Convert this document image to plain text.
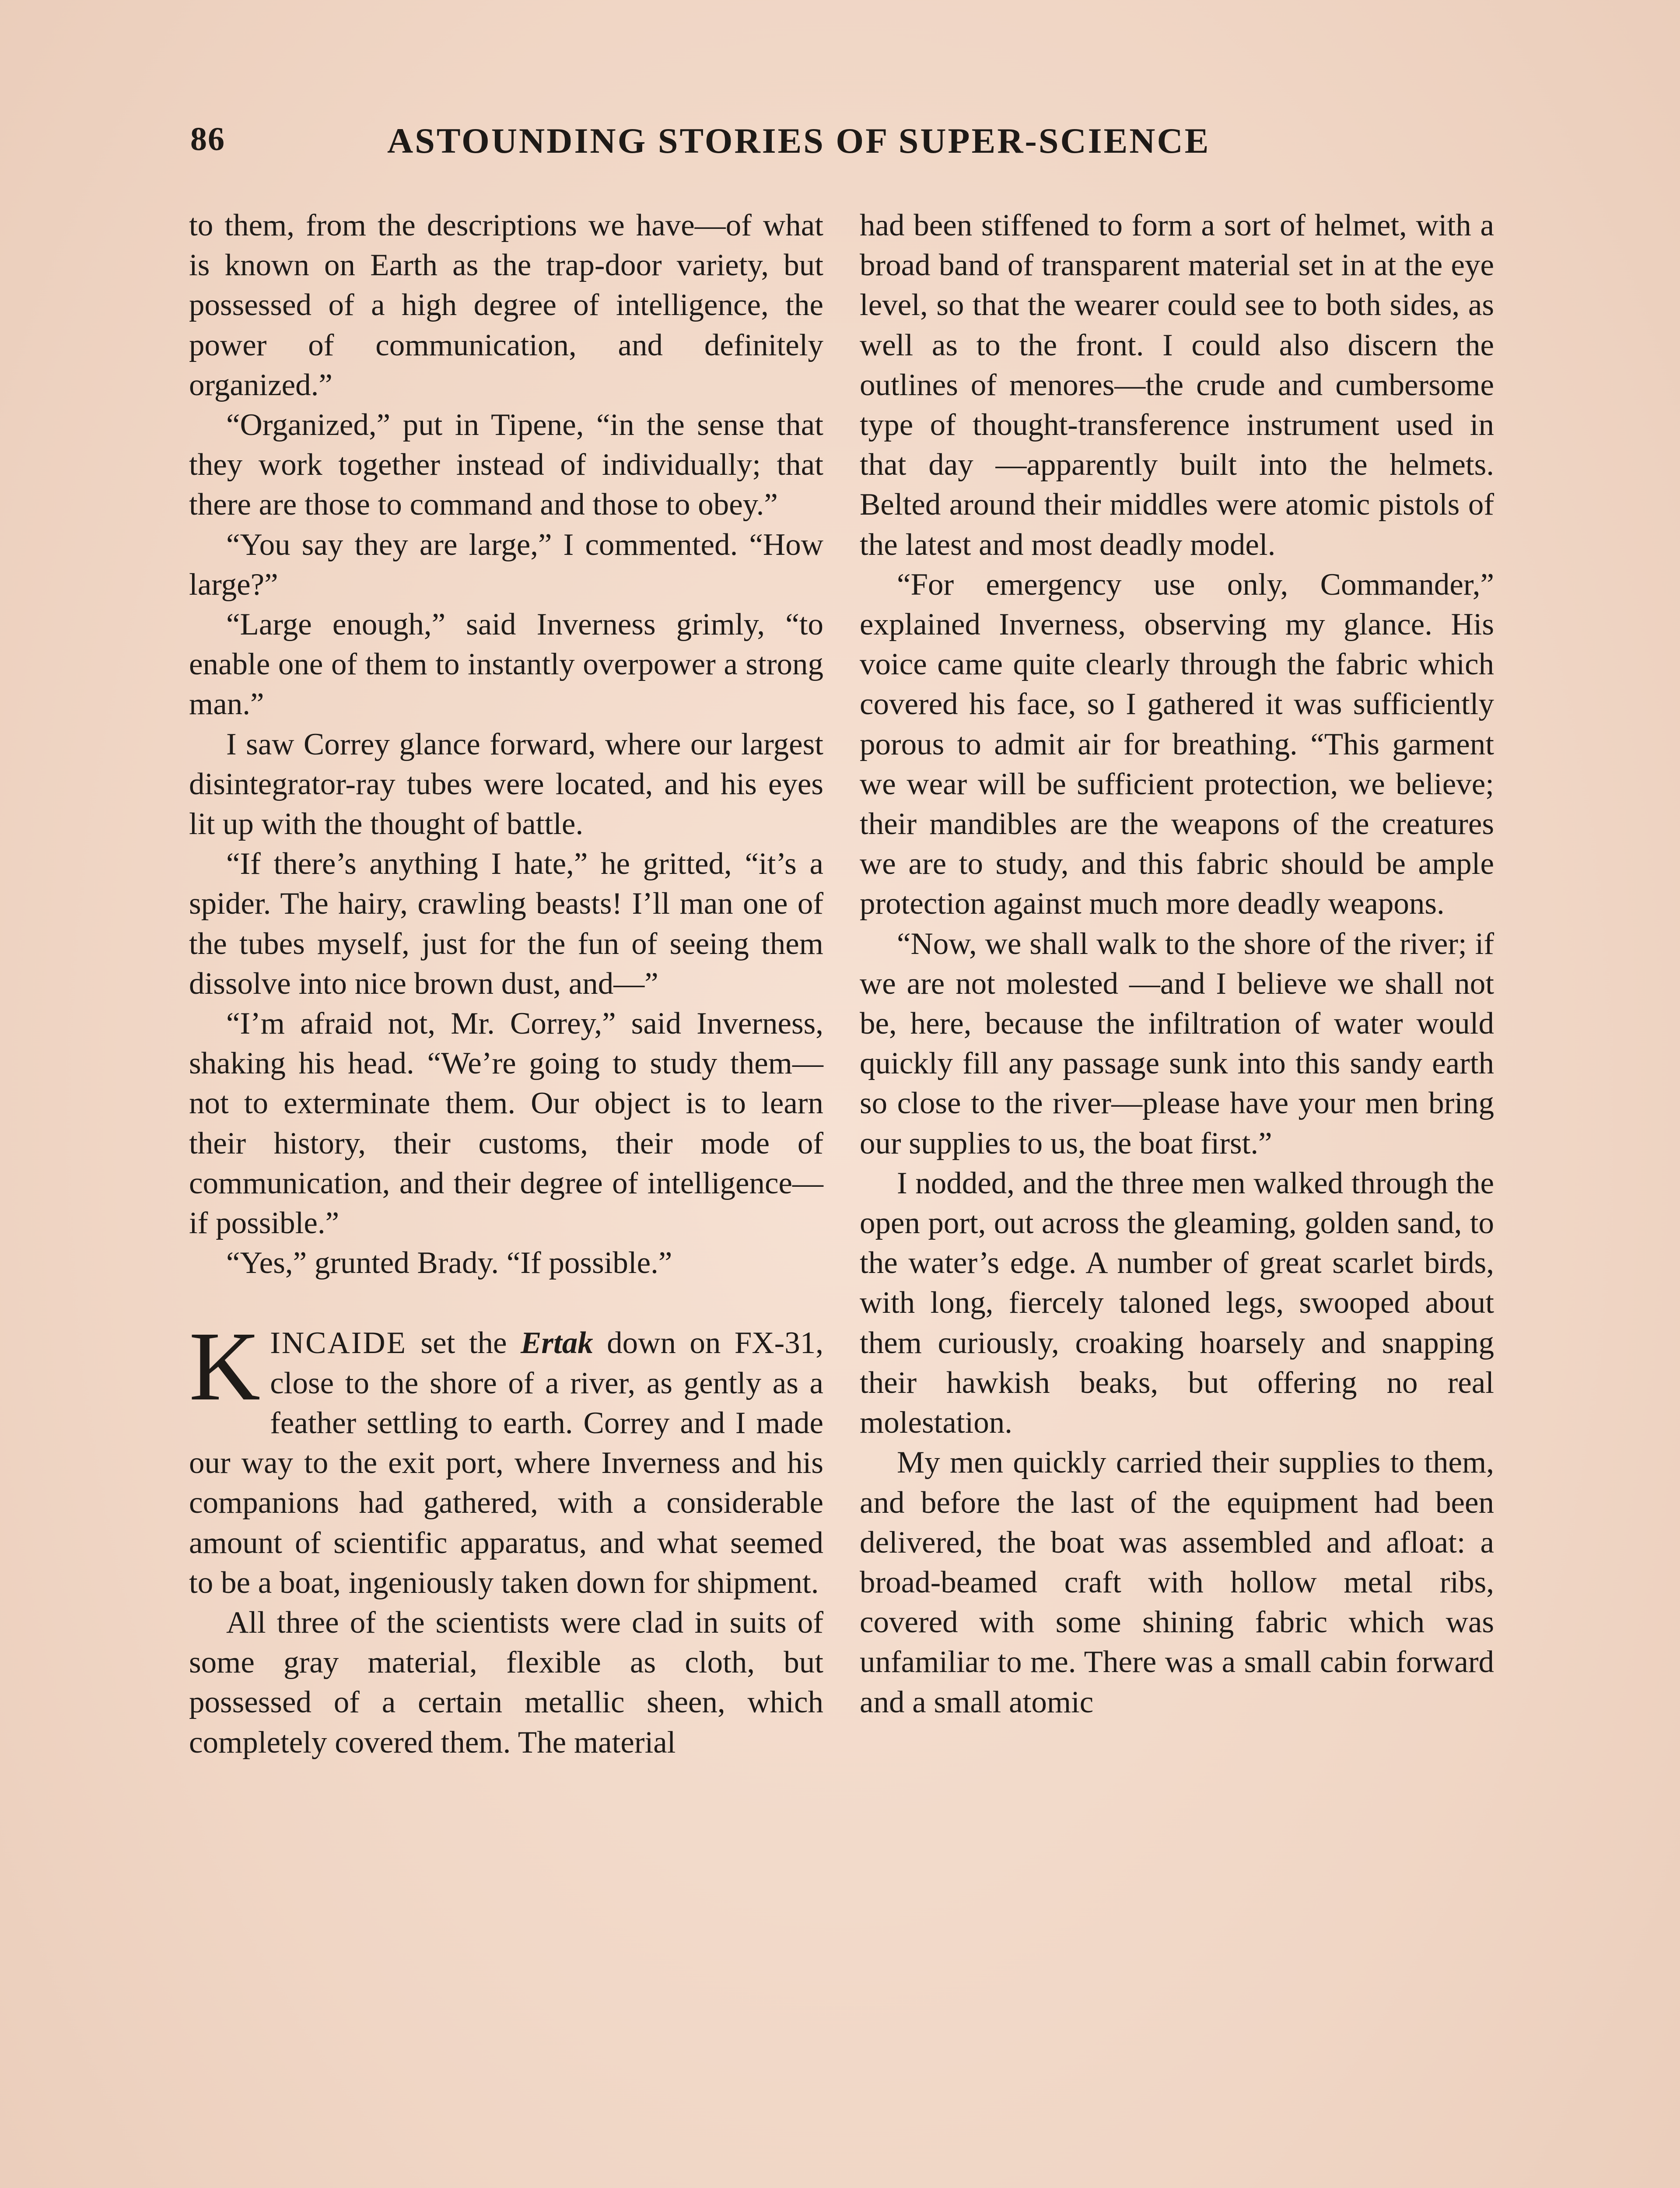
86	ASTOUNDING STORIES OF SUPER-SCIENCE

to them, from the descriptions we have—of what is known on Earth as the trap-door variety, but possessed of a high degree of intelligence, the power of communication, and definitely organized.”

“Organized,” put in Tipene, “in the sense that they work together instead of individually; that there are those to command and those to obey.”

“You say they are large,” I commented. “How large?”

“Large enough,” said Inverness grimly, “to enable one of them to instantly overpower a strong man.”

I saw Correy glance forward, where our largest disintegrator-ray tubes were located, and his eyes lit up with the thought of battle.

“If there’s anything I hate,” he gritted, “it’s a spider. The hairy, crawling beasts! I’ll man one of the tubes myself, just for the fun of seeing them dissolve into nice brown dust, and—”

“I’m afraid not, Mr. Correy,” said Inverness, shaking his head. “We’re going to study them—not to exterminate them. Our object is to learn their history, their customs, their mode of communication, and their degree of intelligence—if possible.”

“Yes,” grunted Brady. “If possible.”

KINCAIDE set the Ertak down on FX-31, close to the shore of a river, as gently as a feather settling to earth. Correy and I made our way to the exit port, where Inverness and his companions had gathered, with a considerable amount of scientific apparatus, and what seemed to be a boat, ingeniously taken down for shipment.

All three of the scientists were clad in suits of some gray material, flexible as cloth, but possessed of a certain metallic sheen, which completely covered them. The material

had been stiffened to form a sort of helmet, with a broad band of transparent material set in at the eye level, so that the wearer could see to both sides, as well as to the front. I could also discern the outlines of menores—the crude and cumbersome type of thought-transference instrument used in that day —apparently built into the helmets. Belted around their middles were atomic pistols of the latest and most deadly model.

“For emergency use only, Commander,” explained Inverness, observing my glance. His voice came quite clearly through the fabric which covered his face, so I gathered it was sufficiently porous to admit air for breathing. “This garment we wear will be sufficient protection, we believe; their mandibles are the weapons of the creatures we are to study, and this fabric should be ample protection against much more deadly weapons.

“Now, we shall walk to the shore of the river; if we are not molested —and I believe we shall not be, here, because the infiltration of water would quickly fill any passage sunk into this sandy earth so close to the river—please have your men bring our supplies to us, the boat first.”

I nodded, and the three men walked through the open port, out across the gleaming, golden sand, to the water’s edge. A number of great scarlet birds, with long, fiercely taloned legs, swooped about them curiously, croaking hoarsely and snapping their hawkish beaks, but offering no real molestation.

My men quickly carried their supplies to them, and before the last of the equipment had been delivered, the boat was assembled and afloat: a broad-beamed craft with hollow metal ribs, covered with some shining fabric which was unfamiliar to me. There was a small cabin forward and a small atomic
